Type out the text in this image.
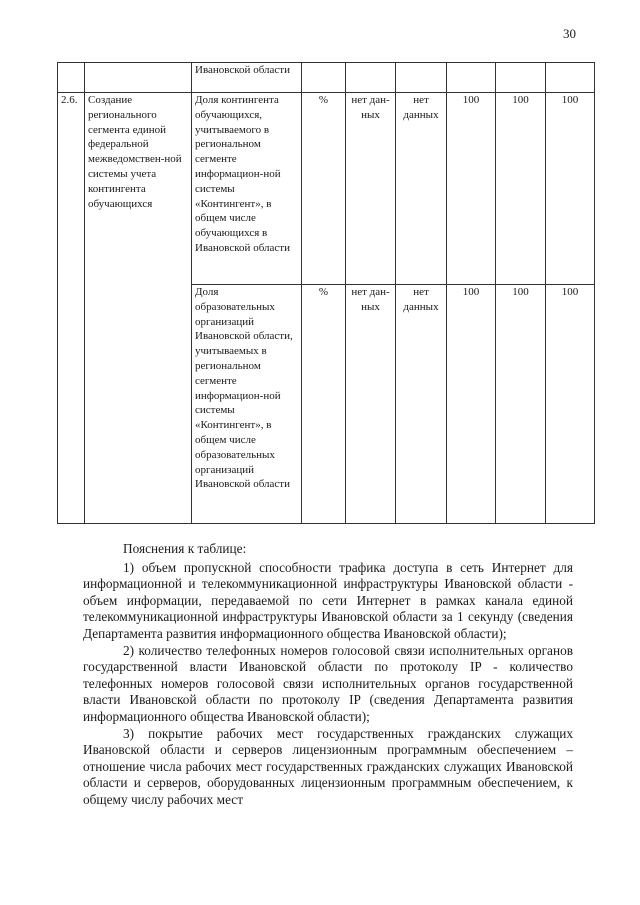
30
		Ивановской области						
2.6.	Создание регионального сегмента единой федеральной межведомствен-ной системы учета контингента обучающихся	Доля контингента обучающихся, учитываемого в региональном сегменте информацион-ной системы «Контингент», в общем числе обучающихся в Ивановской области	%	нет дан-ных	нет данных	100	100	100
		Доля образовательных организаций Ивановской области, учитываемых в региональном сегменте информацион-ной системы «Контингент», в общем числе образовательных организаций Ивановской области	%	нет дан-ных	нет данных	100	100	100

Пояснения к таблице:

1) объем пропускной способности трафика доступа в сеть Интернет для информационной и телекоммуникационной инфраструктуры Ивановской области - объем информации, передаваемой по сети Интернет в рамках канала единой телекоммуникационной инфраструктуры Ивановской области за 1 секунду (сведения Департамента развития информационного общества Ивановской области);

2) количество телефонных номеров голосовой связи исполнительных органов государственной власти Ивановской области по протоколу IP - количество телефонных номеров голосовой связи исполнительных органов государственной власти Ивановской области по протоколу IP (сведения Департамента развития информационного общества Ивановской области);

3) покрытие рабочих мест государственных гражданских служащих Ивановской области и серверов лицензионным программным обеспечением – отношение числа рабочих мест государственных гражданских служащих Ивановской области и серверов, оборудованных лицензионным программным обеспечением, к общему числу рабочих мест
